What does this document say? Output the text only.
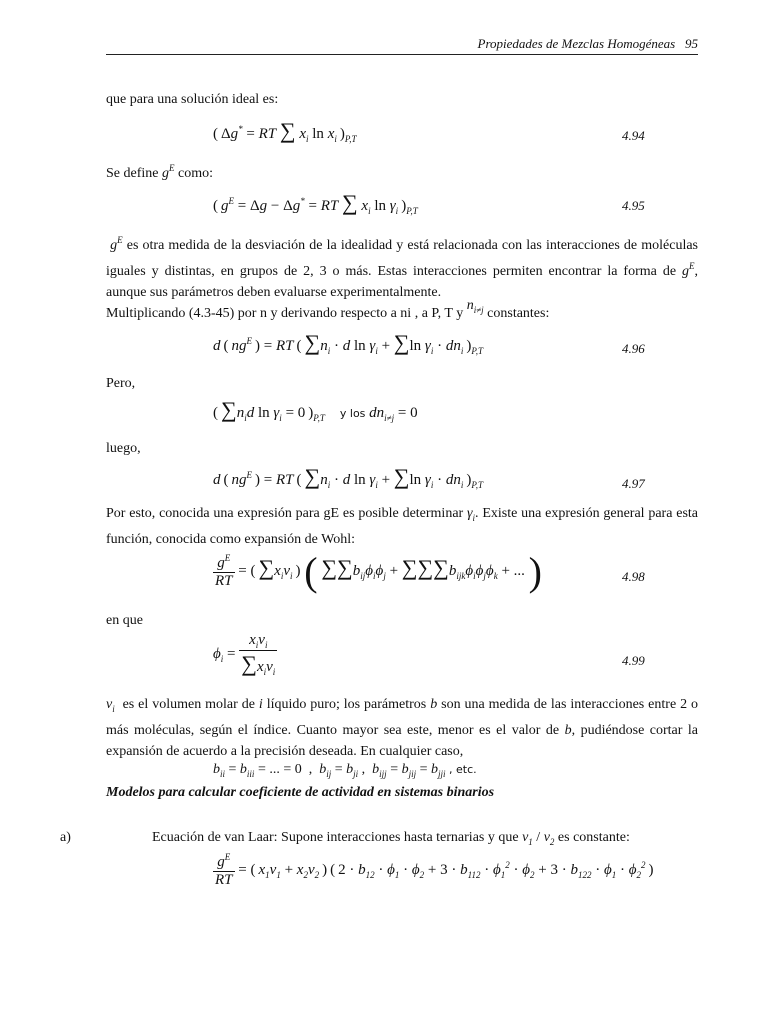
Propiedades de Mezclas Homogéneas 95
que para una solución ideal es:
( Δg* = RT ∑ $x_i$ $\ln x_i$ )$_{P,T}$	4.94
Se define $g^E$ como:
( $g^E = \Delta g - \Delta g^*$ = RT ∑ $x_i$ $\ln \gamma_i$ )$_{P,T}$	4.95
$g^E$ es otra medida de la desviación de la idealidad y está relacionada con las interacciones de moléculas iguales y distintas, en grupos de 2, 3 o más. Estas interacciones permiten encontrar la forma de $g^E$, aunque sus parámetros deben evaluarse experimentalmente.
Multiplicando (4.3-45) por n y derivando respecto a ni , a P, T y $n_{i\ne j}$ constantes:
d ( $ng^E$ ) = RT ( $\sum n_i \cdot d$ $\ln \gamma_i + \sum\ln$ $\gamma_i \cdot dn_i$ )$_{P,T}$	4.96
Pero,
( $\sum n_id$ $\ln \gamma_i = 0$ )$_{P,T}$ y los $dn_{i\ne j} = 0$
luego,
d ( $ng^E$ ) = RT ( $\sum n_i \cdot d$ $\ln \gamma_i + \sum\ln$ $\gamma_i \cdot dn_i$ )$_{P,T}$	4.97
Por esto, conocida una expresión para gE es posible determinar $\gamma_i$. Existe una expresión general para esta función, conocida como expansión de Wohl:
$\frac{g^E}{RT}$ = ( $\sum x_iv_i$ ) ( $\sum\sum b_{ij}\phi_i\phi_j + \sum\sum\sum b_{ijk}\phi_i\phi_j\phi_k$ + ... )	4.98
en que
$\phi_i = \frac{x_iv_i}{\sum x_iv_i}$	4.99
$v_i$ es el volumen molar de i líquido puro; los parámetros b son una medida de las interacciones entre 2 o más moléculas, según el índice. Cuanto mayor sea este, menor es el valor de b, pudiéndose cortar la expansión de acuerdo a la precisión deseada. En cualquier caso,
$b_{ii} = b_{iii}$ = ... = 0  ,  $b_{ij} = b_{ji}$ ,  $b_{ijj} = b_{jij} = b_{jji}$ , etc.
Modelos para calcular coeficiente de actividad en sistemas binarios
a)	Ecuación de van Laar: Supone interacciones hasta ternarias y que $v_1 / v_2$ es constante:
$\frac{g^E}{RT}$ = ( $x_1v_1 + x_2v_2$ ) ( $2 \cdot b_{12} \cdot \phi_1 \cdot \phi_2 + 3 \cdot b_{112} \cdot \phi_1^2 \cdot \phi_2 + 3 \cdot b_{122} \cdot \phi_1 \cdot \phi_2^2$ )
